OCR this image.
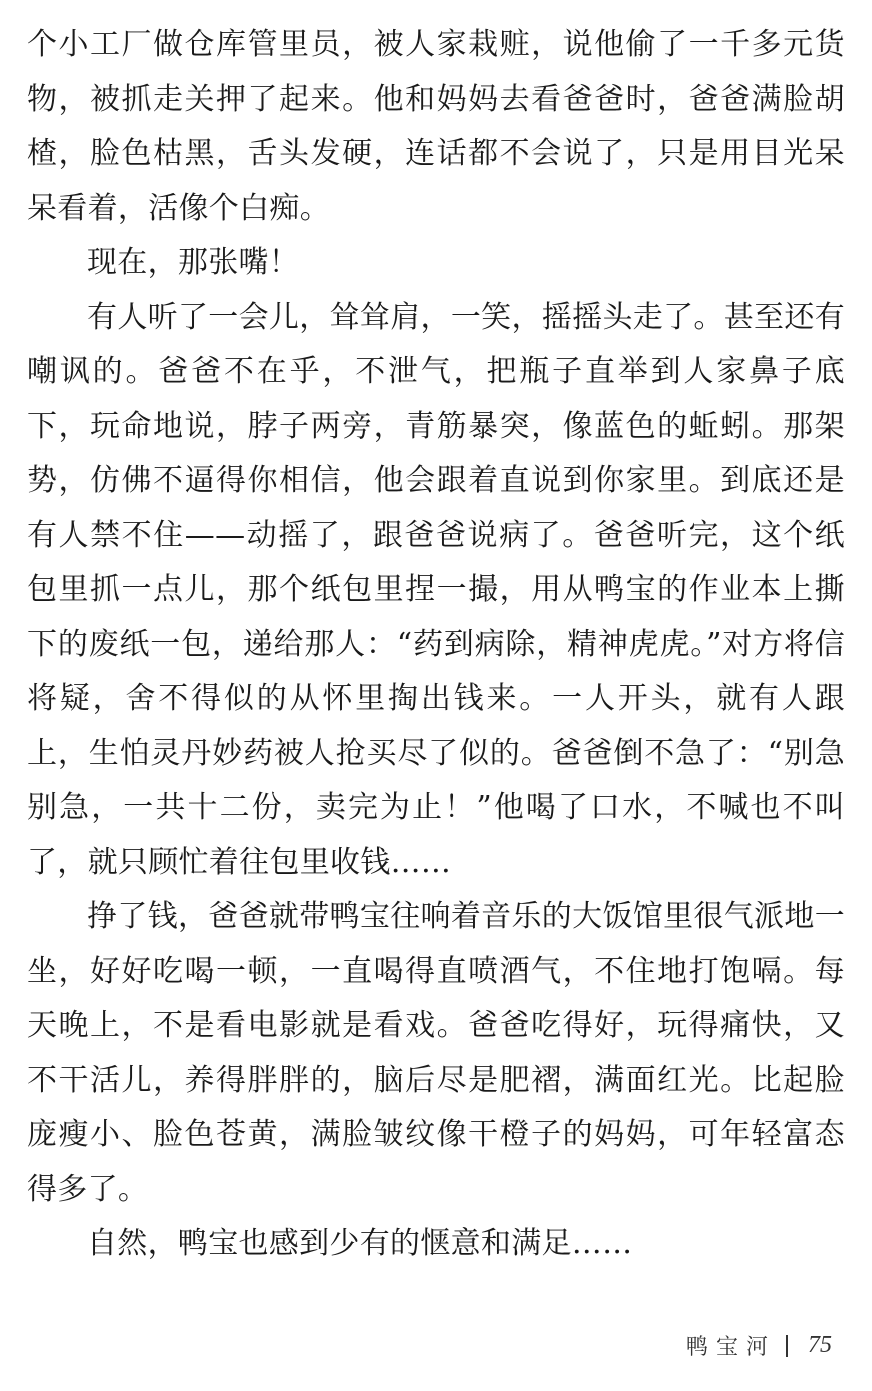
个小工厂做仓库管里员，被人家栽赃，说他偷了一千多元货物，被抓走关押了起来。他和妈妈去看爸爸时，爸爸满脸胡楂，脸色枯黑，舌头发硬，连话都不会说了，只是用目光呆呆看着，活像个白痴。

现在，那张嘴！

有人听了一会儿，耸耸肩，一笑，摇摇头走了。甚至还有嘲讽的。爸爸不在乎，不泄气，把瓶子直举到人家鼻子底下，玩命地说，脖子两旁，青筋暴突，像蓝色的蚯蚓。那架势，仿佛不逼得你相信，他会跟着直说到你家里。到底还是有人禁不住——动摇了，跟爸爸说病了。爸爸听完，这个纸包里抓一点儿，那个纸包里捏一撮，用从鸭宝的作业本上撕下的废纸一包，递给那人：“药到病除，精神虎虎。”对方将信将疑，舍不得似的从怀里掏出钱来。一人开头，就有人跟上，生怕灵丹妙药被人抢买尽了似的。爸爸倒不急了：“别急别急，一共十二份，卖完为止！”他喝了口水，不喊也不叫了，就只顾忙着往包里收钱……

挣了钱，爸爸就带鸭宝往响着音乐的大饭馆里很气派地一坐，好好吃喝一顿，一直喝得直喷酒气，不住地打饱嗝。每天晚上，不是看电影就是看戏。爸爸吃得好，玩得痛快，又不干活儿，养得胖胖的，脑后尽是肥褶，满面红光。比起脸庞瘦小、脸色苍黄，满脸皱纹像干橙子的妈妈，可年轻富态得多了。

自然，鸭宝也感到少有的惬意和满足……

鸭宝河 75
